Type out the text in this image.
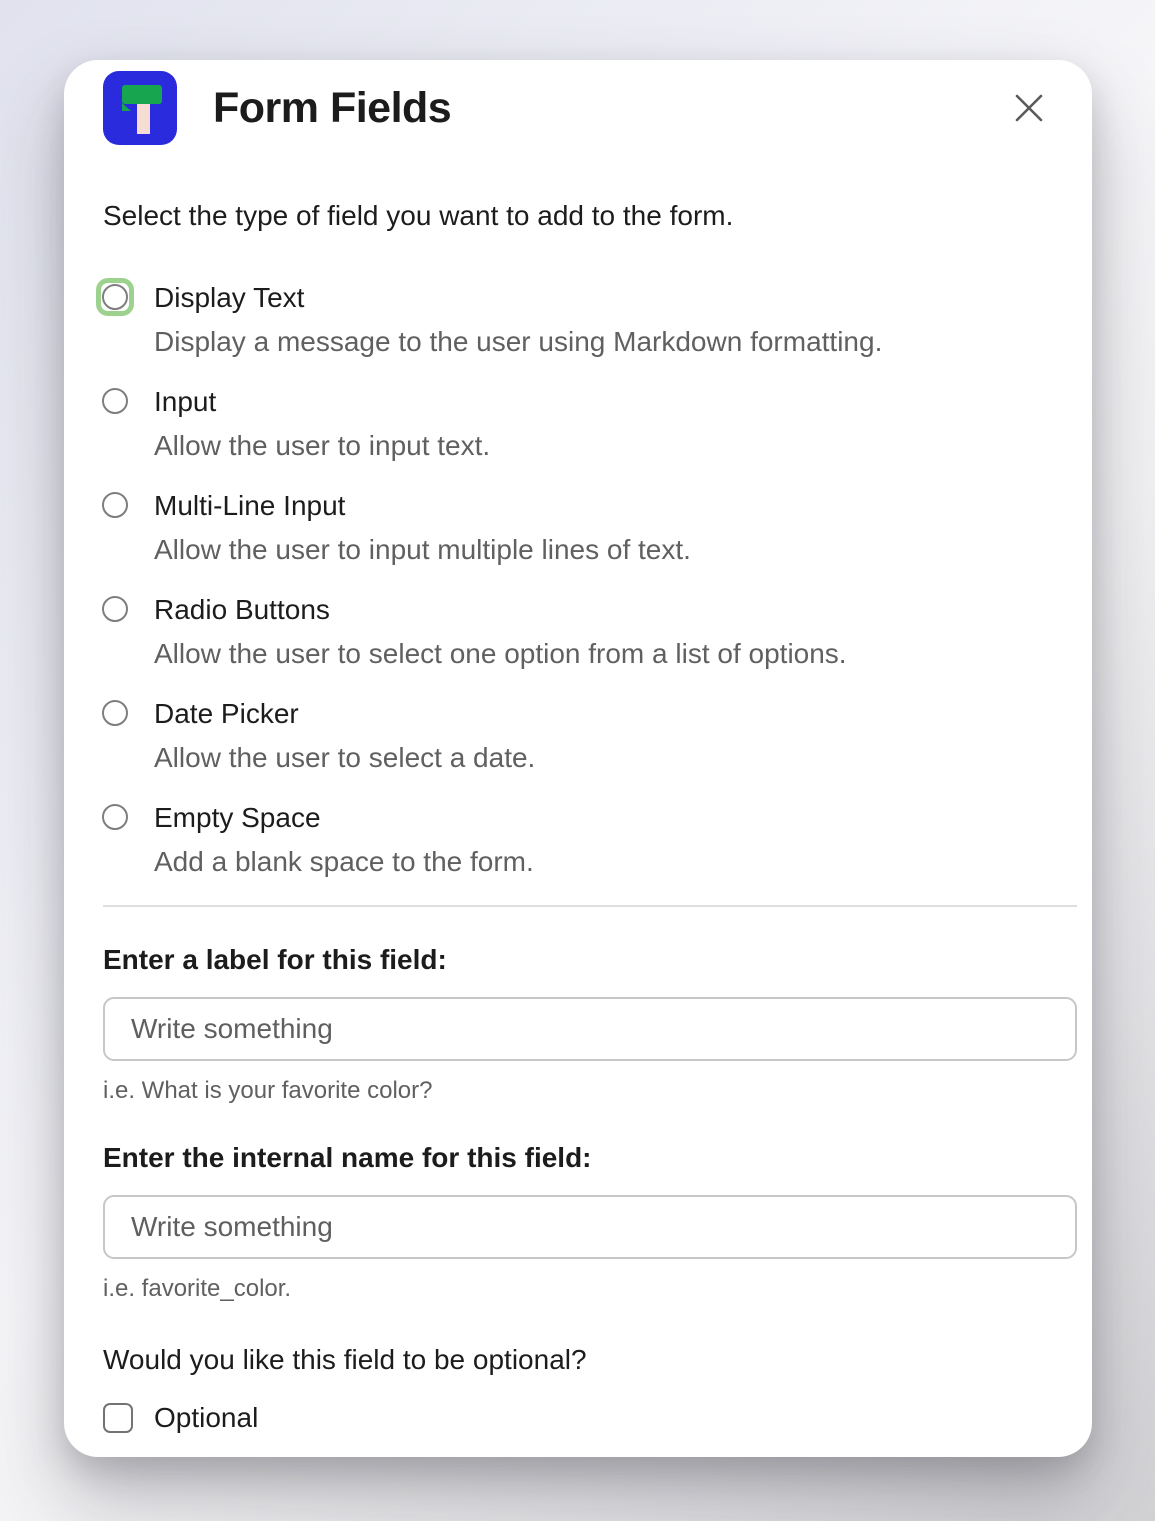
Form Fields
Select the type of field you want to add to the form.
Display Text
Display a message to the user using Markdown formatting.
Input
Allow the user to input text.
Multi-Line Input
Allow the user to input multiple lines of text.
Radio Buttons
Allow the user to select one option from a list of options.
Date Picker
Allow the user to select a date.
Empty Space
Add a blank space to the form.
Enter a label for this field:
Write something
i.e. What is your favorite color?
Enter the internal name for this field:
Write something
i.e. favorite_color.
Would you like this field to be optional?
Optional
